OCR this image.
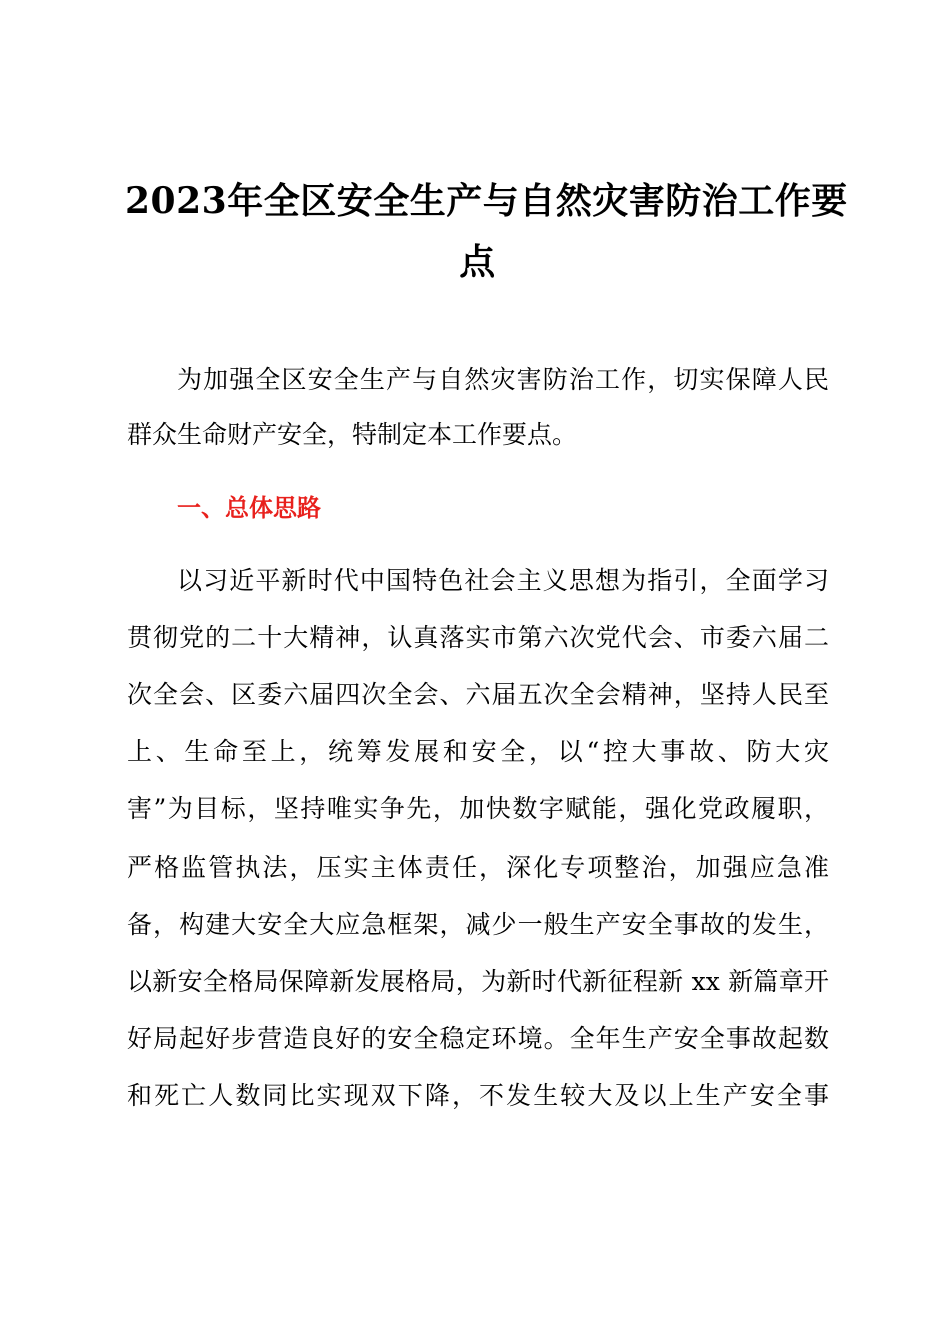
2023年全区安全生产与自然灾害防治工作要
点
为加强全区安全生产与自然灾害防治工作，切实保障人民
群众生命财产安全，特制定本工作要点。
一、总体思路
以习近平新时代中国特色社会主义思想为指引，全面学习
贯彻党的二十大精神，认真落实市第六次党代会、市委六届二
次全会、区委六届四次全会、六届五次全会精神，坚持人民至
上、生命至上，统筹发展和安全，以“控大事故、防大灾
害”为目标，坚持唯实争先，加快数字赋能，强化党政履职，
严格监管执法，压实主体责任，深化专项整治，加强应急准
备，构建大安全大应急框架，减少一般生产安全事故的发生，
以新安全格局保障新发展格局，为新时代新征程新 xx 新篇章开
好局起好步营造良好的安全稳定环境。全年生产安全事故起数
和死亡人数同比实现双下降，不发生较大及以上生产安全事
